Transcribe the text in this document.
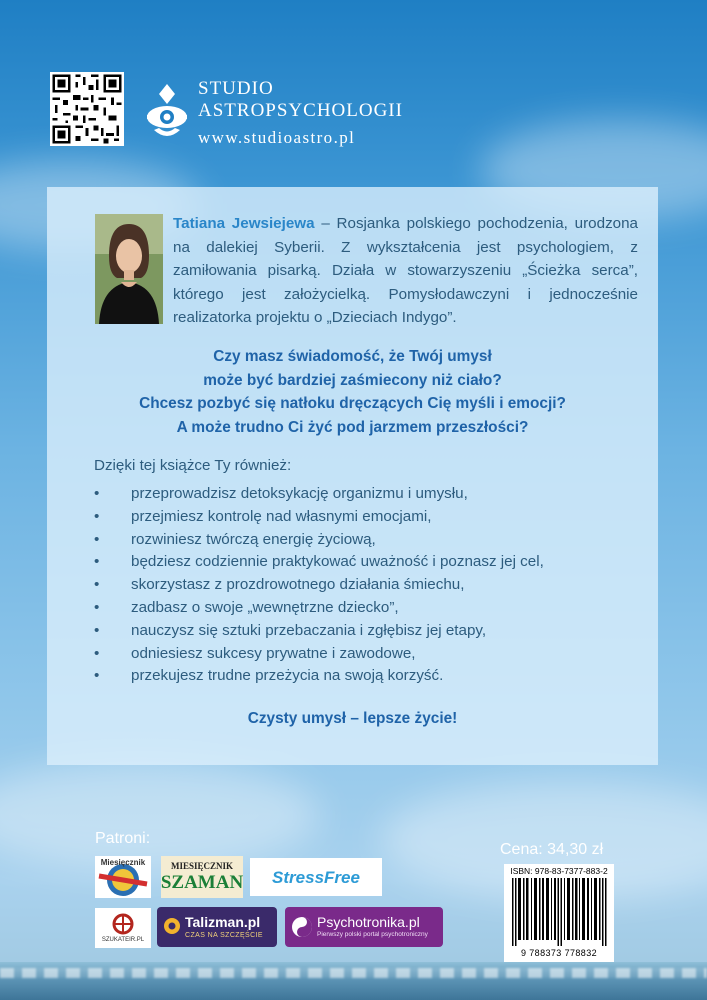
STUDIO
ASTROPSYCHOLOGII
www.studioastro.pl
Tatiana Jewsiejewa – Rosjanka polskiego pochodzenia, urodzona na dalekiej Syberii. Z wykształcenia jest psychologiem, z zamiłowania pisarką. Działa w stowarzyszeniu „Ścieżka serca”, którego jest założycielką. Pomysłodawczyni i jednocześnie realizatorka projektu o „Dzieciach Indygo”.
Czy masz świadomość, że Twój umysł
może być bardziej zaśmiecony niż ciało?
Chcesz pozbyć się natłoku dręczących Cię myśli i emocji?
A może trudno Ci żyć pod jarzmem przeszłości?
Dzięki tej książce Ty również:
• przeprowadzisz detoksykację organizmu i umysłu,
• przejmiesz kontrolę nad własnymi emocjami,
• rozwiniesz twórczą energię życiową,
• będziesz codziennie praktykować uważność i poznasz jej cel,
• skorzystasz z prozdrowotnego działania śmiechu,
• zadbasz o swoje „wewnętrzne dziecko”,
• nauczysz się sztuki przebaczania i zgłębisz jej etapy,
• odniesiesz sukcesy prywatne i zawodowe,
• przekujesz trudne przeżycia na swoją korzyść.
Czysty umysł – lepsze życie!
Patroni:
Cena: 34,30 zł
ISBN: 978-83-7377-883-2
9 788373 778832
Miesięcznik	MIESIĘCZNIK
SZAMAN StressFree
SZUKATEIR.PL
Talizman.pl
CZAS NA SZCZĘŚCIE
Psychotronika.pl
Pierwszy polski portal psychotroniczny
